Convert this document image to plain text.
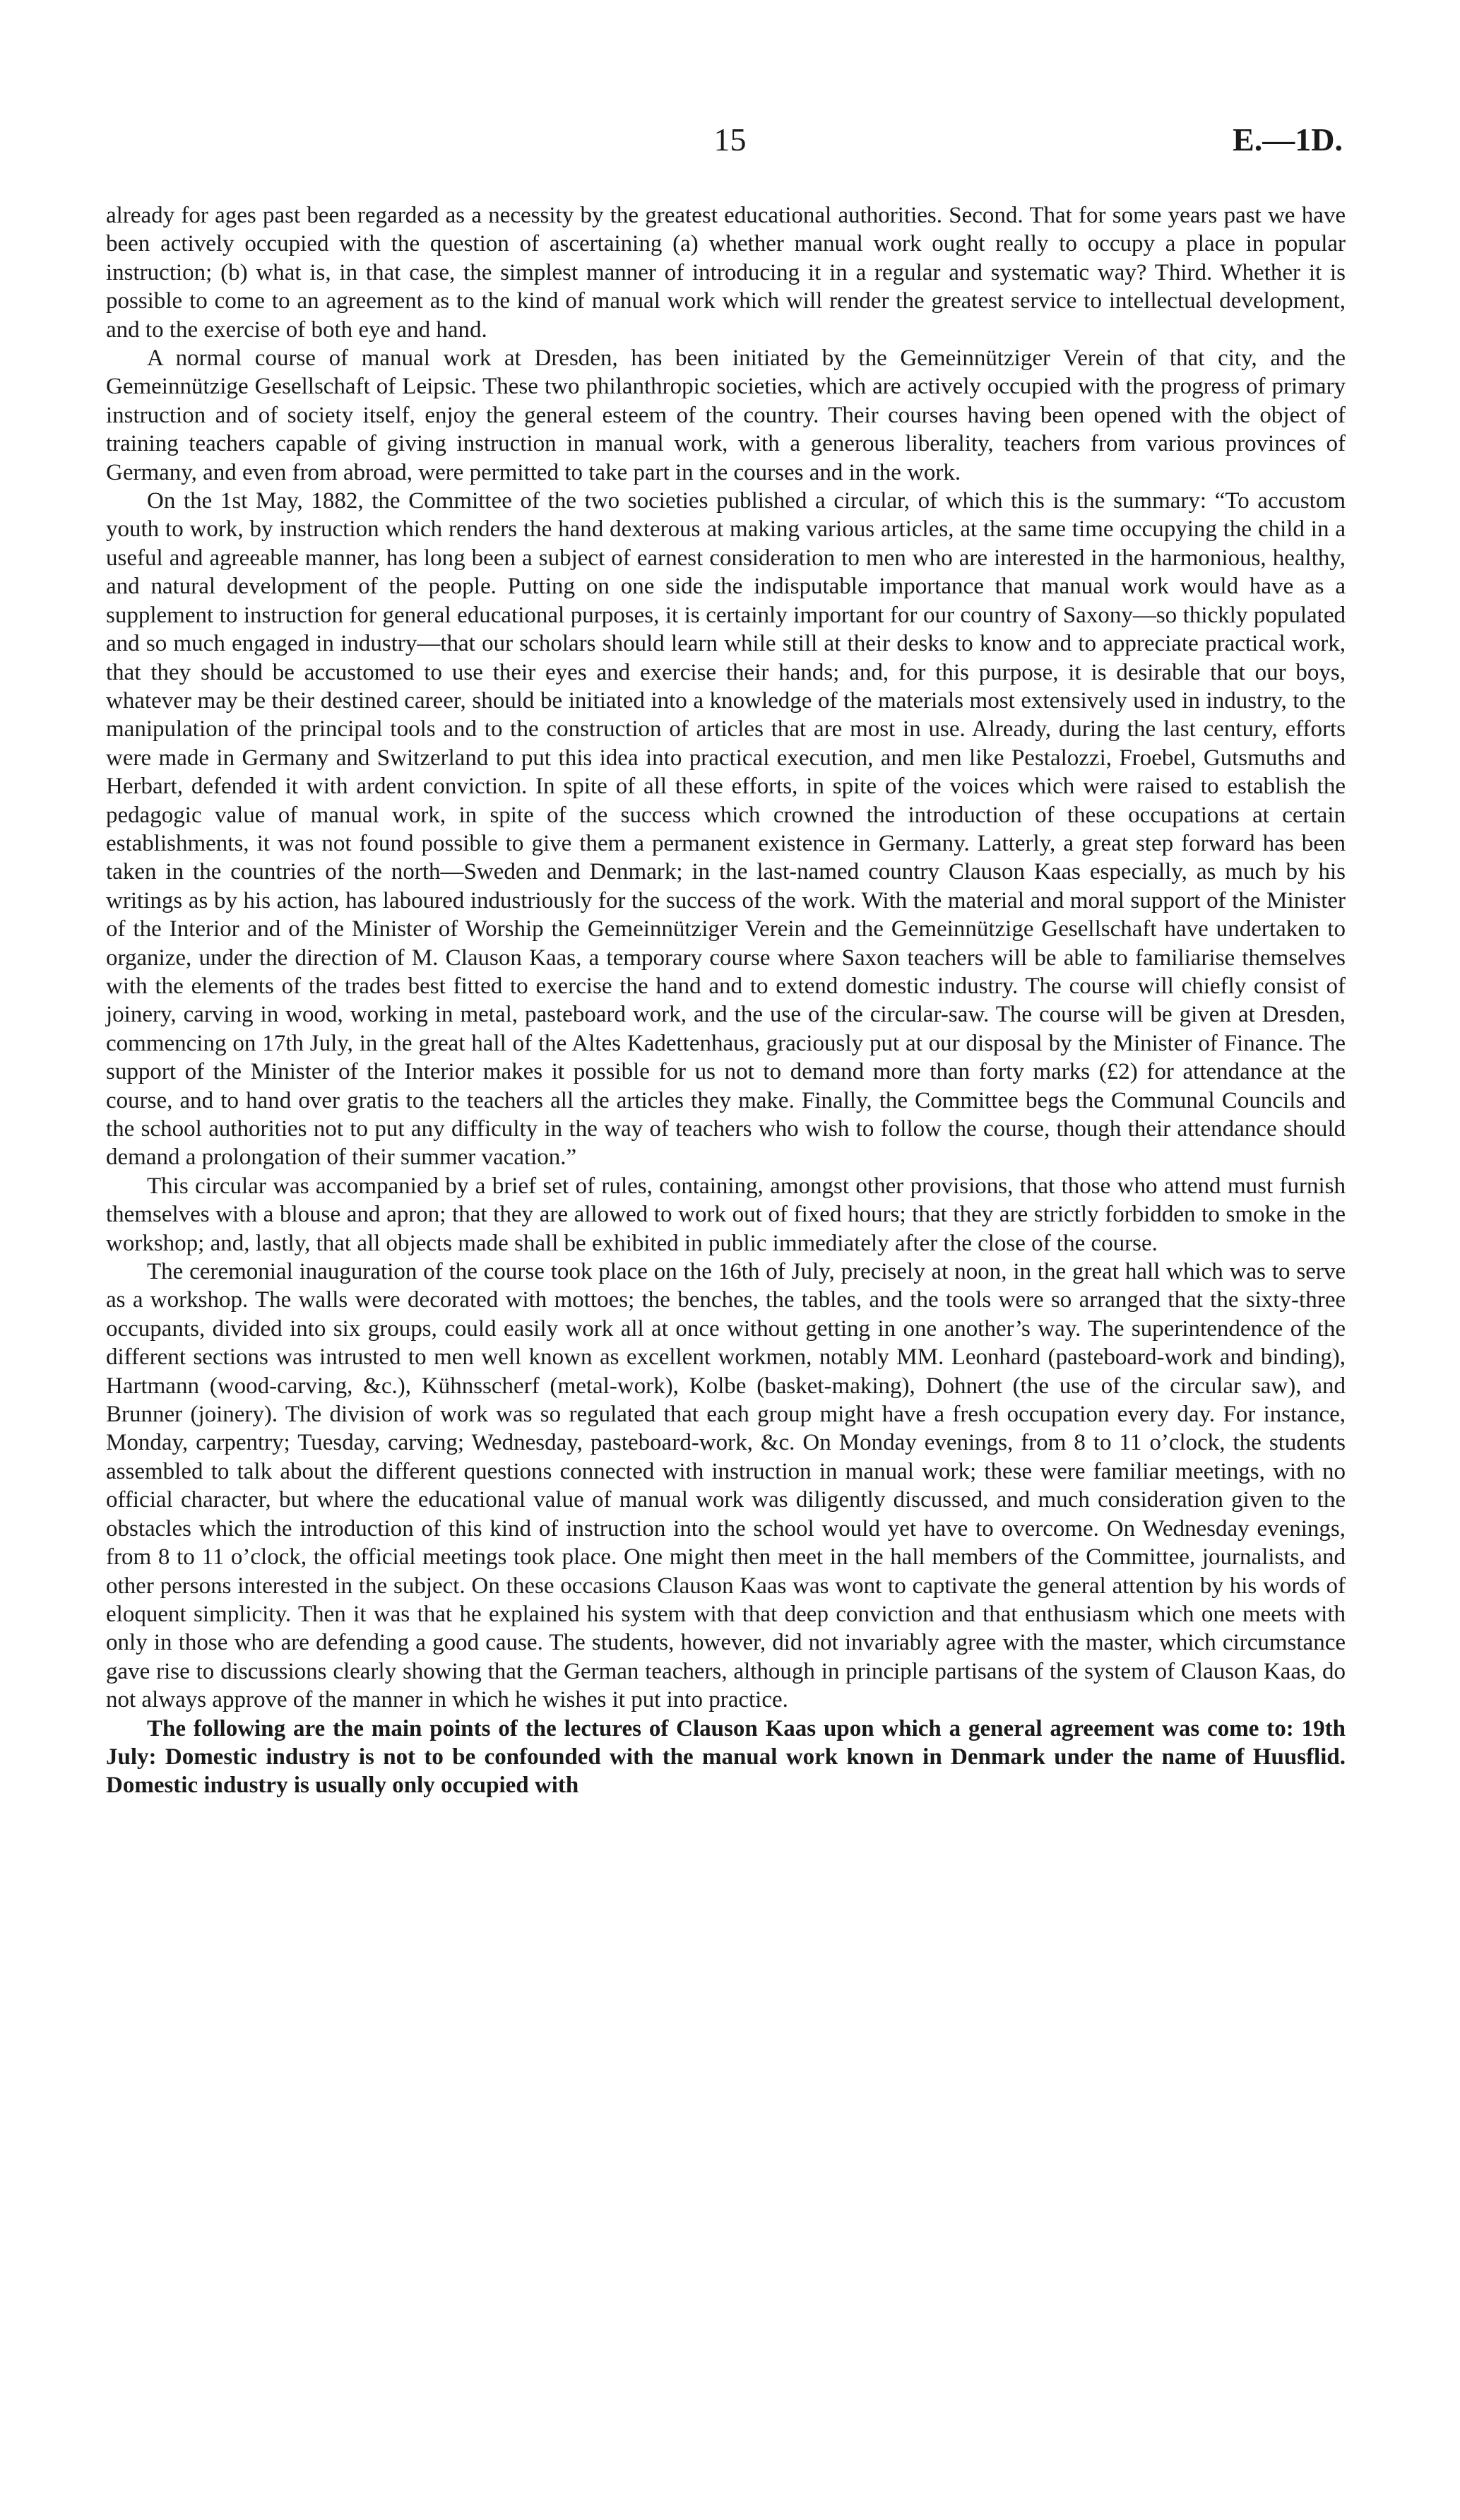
15	E.—1D.

already for ages past been regarded as a necessity by the greatest educational authorities. Second. That for some years past we have been actively occupied with the question of ascertaining (a) whether manual work ought really to occupy a place in popular instruction; (b) what is, in that case, the simplest manner of introducing it in a regular and systematic way? Third. Whether it is possible to come to an agreement as to the kind of manual work which will render the greatest service to intellectual development, and to the exercise of both eye and hand.

A normal course of manual work at Dresden, has been initiated by the Gemeinnütziger Verein of that city, and the Gemeinnützige Gesellschaft of Leipsic. These two philanthropic societies, which are actively occupied with the progress of primary instruction and of society itself, enjoy the general esteem of the country. Their courses having been opened with the object of training teachers capable of giving instruction in manual work, with a generous liberality, teachers from various provinces of Germany, and even from abroad, were permitted to take part in the courses and in the work.

On the 1st May, 1882, the Committee of the two societies published a circular, of which this is the summary: “To accustom youth to work, by instruction which renders the hand dexterous at making various articles, at the same time occupying the child in a useful and agreeable manner, has long been a subject of earnest consideration to men who are interested in the harmonious, healthy, and natural development of the people. Putting on one side the indisputable importance that manual work would have as a supplement to instruction for general educational purposes, it is certainly important for our country of Saxony—so thickly populated and so much engaged in industry—that our scholars should learn while still at their desks to know and to appreciate practical work, that they should be accustomed to use their eyes and exercise their hands; and, for this purpose, it is desirable that our boys, whatever may be their destined career, should be initiated into a knowledge of the materials most extensively used in industry, to the manipulation of the principal tools and to the construction of articles that are most in use. Already, during the last century, efforts were made in Germany and Switzerland to put this idea into practical execution, and men like Pestalozzi, Froebel, Gutsmuths and Herbart, defended it with ardent conviction. In spite of all these efforts, in spite of the voices which were raised to establish the pedagogic value of manual work, in spite of the success which crowned the introduction of these occupations at certain establishments, it was not found possible to give them a permanent existence in Germany. Latterly, a great step forward has been taken in the countries of the north—Sweden and Denmark; in the last-named country Clauson Kaas especially, as much by his writings as by his action, has laboured industriously for the success of the work. With the material and moral support of the Minister of the Interior and of the Minister of Worship the Gemeinnütziger Verein and the Gemeinnützige Gesellschaft have undertaken to organize, under the direction of M. Clauson Kaas, a temporary course where Saxon teachers will be able to familiarise themselves with the elements of the trades best fitted to exercise the hand and to extend domestic industry. The course will chiefly consist of joinery, carving in wood, working in metal, pasteboard work, and the use of the circular-saw. The course will be given at Dresden, commencing on 17th July, in the great hall of the Altes Kadettenhaus, graciously put at our disposal by the Minister of Finance. The support of the Minister of the Interior makes it possible for us not to demand more than forty marks (£2) for attendance at the course, and to hand over gratis to the teachers all the articles they make. Finally, the Committee begs the Communal Councils and the school authorities not to put any difficulty in the way of teachers who wish to follow the course, though their attendance should demand a prolongation of their summer vacation.”

This circular was accompanied by a brief set of rules, containing, amongst other provisions, that those who attend must furnish themselves with a blouse and apron; that they are allowed to work out of fixed hours; that they are strictly forbidden to smoke in the workshop; and, lastly, that all objects made shall be exhibited in public immediately after the close of the course.

The ceremonial inauguration of the course took place on the 16th of July, precisely at noon, in the great hall which was to serve as a workshop. The walls were decorated with mottoes; the benches, the tables, and the tools were so arranged that the sixty-three occupants, divided into six groups, could easily work all at once without getting in one another’s way. The superintendence of the different sections was intrusted to men well known as excellent workmen, notably MM. Leonhard (pasteboard-work and binding), Hartmann (wood-carving, &c.), Kühnsscherf (metal-work), Kolbe (basket-making), Dohnert (the use of the circular saw), and Brunner (joinery). The division of work was so regulated that each group might have a fresh occupation every day. For instance, Monday, carpentry; Tuesday, carving; Wednesday, pasteboard-work, &c. On Monday evenings, from 8 to 11 o’clock, the students assembled to talk about the different questions connected with instruction in manual work; these were familiar meetings, with no official character, but where the educational value of manual work was diligently discussed, and much consideration given to the obstacles which the introduction of this kind of instruction into the school would yet have to overcome. On Wednesday evenings, from 8 to 11 o’clock, the official meetings took place. One might then meet in the hall members of the Committee, journalists, and other persons interested in the subject. On these occasions Clauson Kaas was wont to captivate the general attention by his words of eloquent simplicity. Then it was that he explained his system with that deep conviction and that enthusiasm which one meets with only in those who are defending a good cause. The students, however, did not invariably agree with the master, which circumstance gave rise to discussions clearly showing that the German teachers, although in principle partisans of the system of Clauson Kaas, do not always approve of the manner in which he wishes it put into practice.

The following are the main points of the lectures of Clauson Kaas upon which a general agreement was come to: 19th July: Domestic industry is not to be confounded with the manual work known in Denmark under the name of Huusflid. Domestic industry is usually only occupied with
